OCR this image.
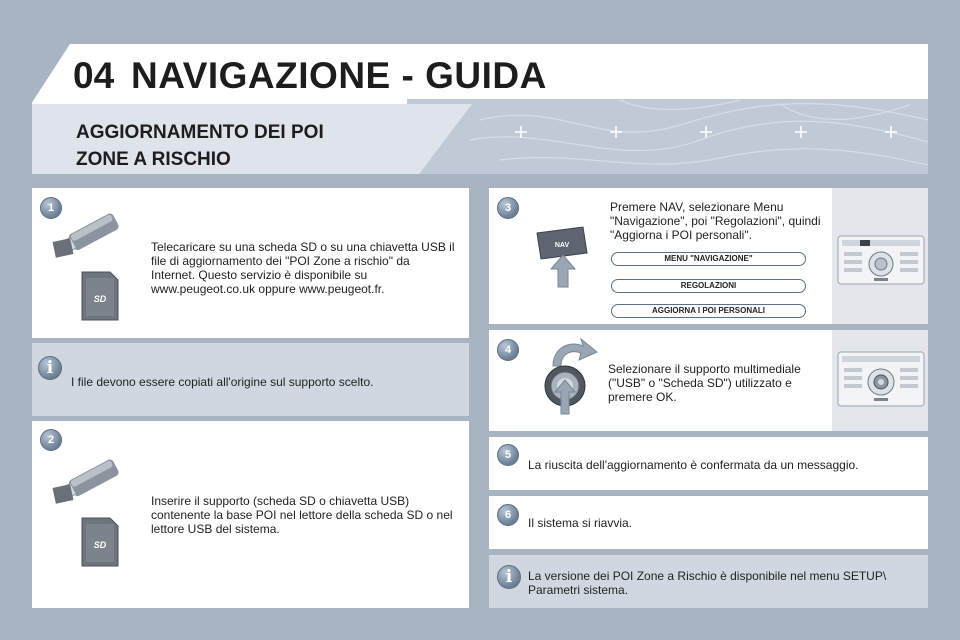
04 NAVIGAZIONE - GUIDA
AGGIORNAMENTO DEI POI
ZONE A RISCHIO
1
SD
Telecaricare su una scheda SD o su una chiavetta USB il file di aggiornamento dei "POI Zone a rischio" da Internet. Questo servizio è disponibile su www.peugeot.co.uk oppure www.peugeot.fr.
i
I file devono essere copiati all'origine sul supporto scelto.
2
SD
Inserire il supporto (scheda SD o chiavetta USB) contenente la base POI nel lettore della scheda SD o nel lettore USB del sistema.
3
NAV
Premere NAV, selezionare Menu "Navigazione", poi "Regolazioni", quindi "Aggiorna i POI personali".
MENU "NAVIGAZIONE"
REGOLAZIONI
AGGIORNA I POI PERSONALI
4
Selezionare il supporto multimediale ("USB" o "Scheda SD") utilizzato e premere OK.
5
La riuscita dell'aggiornamento è confermata da un messaggio.
6
Il sistema si riavvia.
i	La versione dei POI Zone a Rischio è disponibile nel menu SETUP\ Parametri sistema.
